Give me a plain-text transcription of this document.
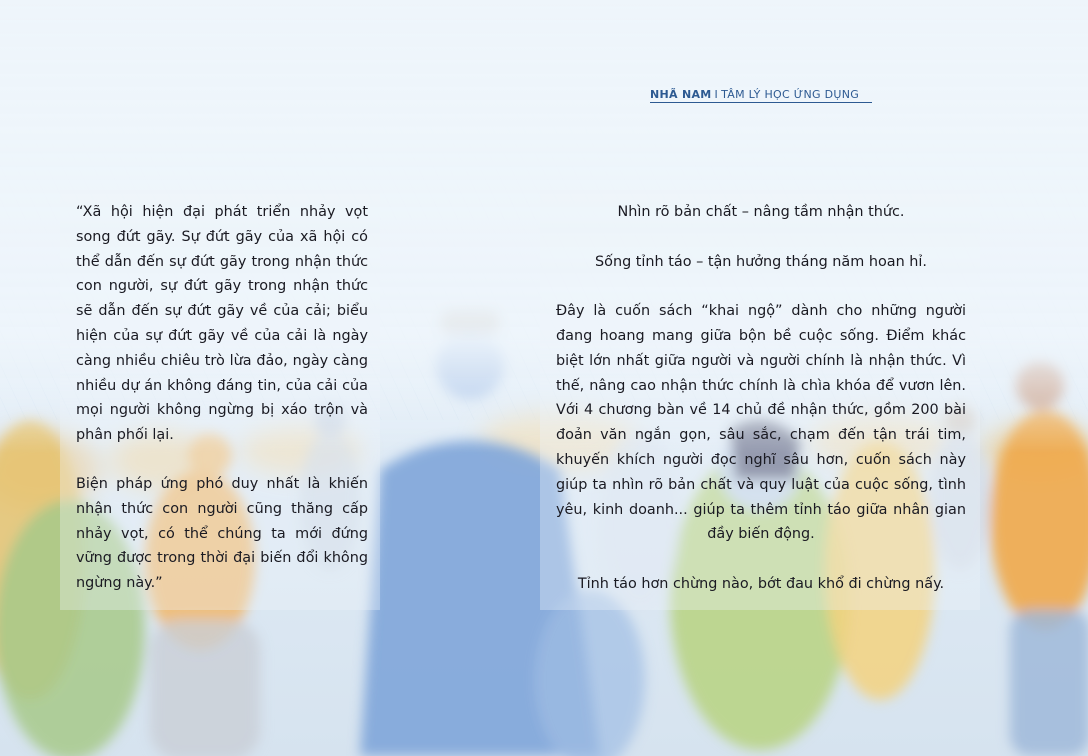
NHÃ NAM I TÂM LÝ HỌC ỨNG DỤNG

“Xã hội hiện đại phát triển nhảy vọt song đứt gãy. Sự đứt gãy của xã hội có thể dẫn đến sự đứt gãy trong nhận thức con người, sự đứt gãy trong nhận thức sẽ dẫn đến sự đứt gãy về của cải; biểu hiện của sự đứt gãy về của cải là ngày càng nhiều chiêu trò lừa đảo, ngày càng nhiều dự án không đáng tin, của cải của mọi người không ngừng bị xáo trộn và phân phối lại.

Biện pháp ứng phó duy nhất là khiến nhận thức con người cũng thăng cấp nhảy vọt, có thể chúng ta mới đứng vững được trong thời đại biến đổi không ngừng này.”

Nhìn rõ bản chất – nâng tầm nhận thức.

Sống tỉnh táo – tận hưởng tháng năm hoan hỉ.

Đây là cuốn sách “khai ngộ” dành cho những người đang hoang mang giữa bộn bề cuộc sống. Điểm khác biệt lớn nhất giữa người và người chính là nhận thức. Vì thế, nâng cao nhận thức chính là chìa khóa để vươn lên. Với 4 chương bàn về 14 chủ đề nhận thức, gồm 200 bài đoản văn ngắn gọn, sâu sắc, chạm đến tận trái tim, khuyến khích người đọc nghĩ sâu hơn, cuốn sách này giúp ta nhìn rõ bản chất và quy luật của cuộc sống, tình yêu, kinh doanh... giúp ta thêm tỉnh táo giữa nhân gian đầy biến động.

Tỉnh táo hơn chừng nào, bớt đau khổ đi chừng nấy.
